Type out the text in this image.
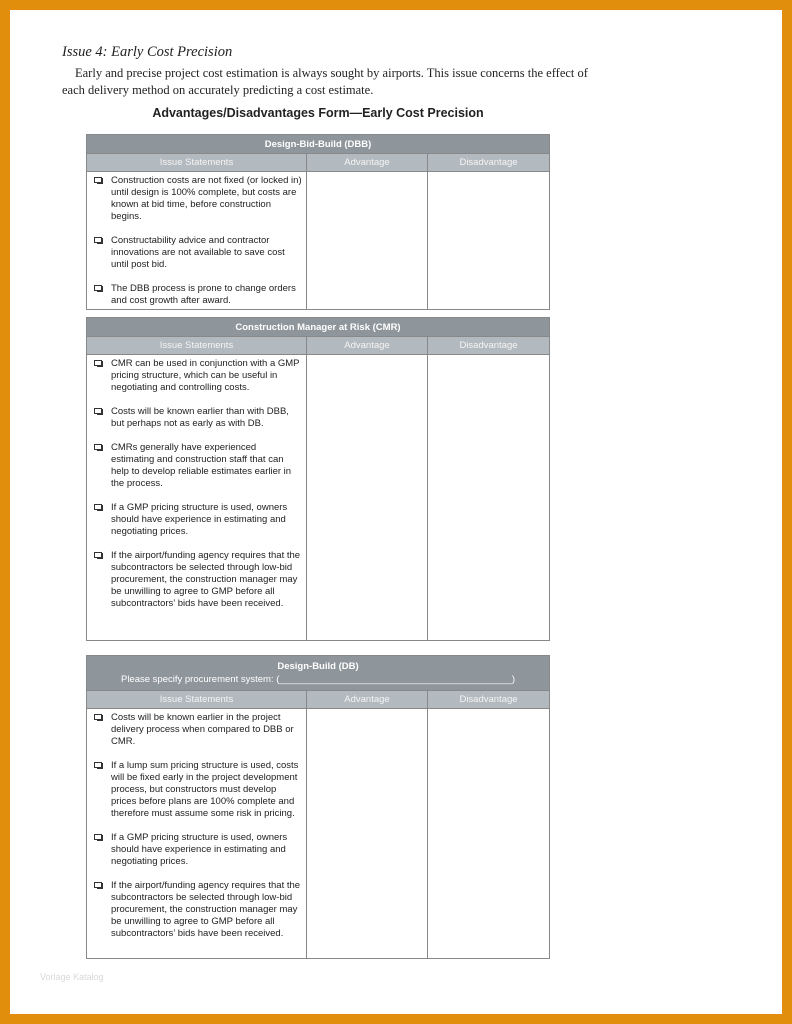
Issue 4: Early Cost Precision
Early and precise project cost estimation is always sought by airports. This issue concerns the effect of each delivery method on accurately predicting a cost estimate.
Advantages/Disadvantages Form—Early Cost Precision
Design-Bid-Build (DBB)		
Issue Statements	Advantage	Disadvantage

Construction costs are not fixed (or locked in) until design is 100% complete, but costs are known at bid time, before construction begins.
Constructability advice and contractor innovations are not available to save cost until post bid.
The DBB process is prone to change orders and cost growth after award.		

Construction Manager at Risk (CMR)		
Issue Statements	Advantage	Disadvantage

CMR can be used in conjunction with a GMP pricing structure, which can be useful in negotiating and controlling costs.
Costs will be known earlier than with DBB, but perhaps not as early as with DB.
CMRs generally have experienced estimating and construction staff that can help to develop reliable estimates earlier in the process.
If a GMP pricing structure is used, owners should have experience in estimating and negotiating prices.
If the airport/funding agency requires that the subcontractors be selected through low-bid procurement, the construction manager may be unwilling to agree to GMP before all subcontractors’ bids have been received.		

Design-Build (DB)
Please specify procurement system: (____________________________________________)		

Issue Statements	Advantage	Disadvantage

Costs will be known earlier in the project delivery process when compared to DBB or CMR.
If a lump sum pricing structure is used, costs will be fixed early in the project development process, but constructors must develop prices before plans are 100% complete and therefore must assume some risk in pricing.
If a GMP pricing structure is used, owners should have experience in estimating and negotiating prices.
If the airport/funding agency requires that the subcontractors be selected through low-bid procurement, the construction manager may be unwilling to agree to GMP before all subcontractors’ bids have been received.		

Vorlage Katalog
